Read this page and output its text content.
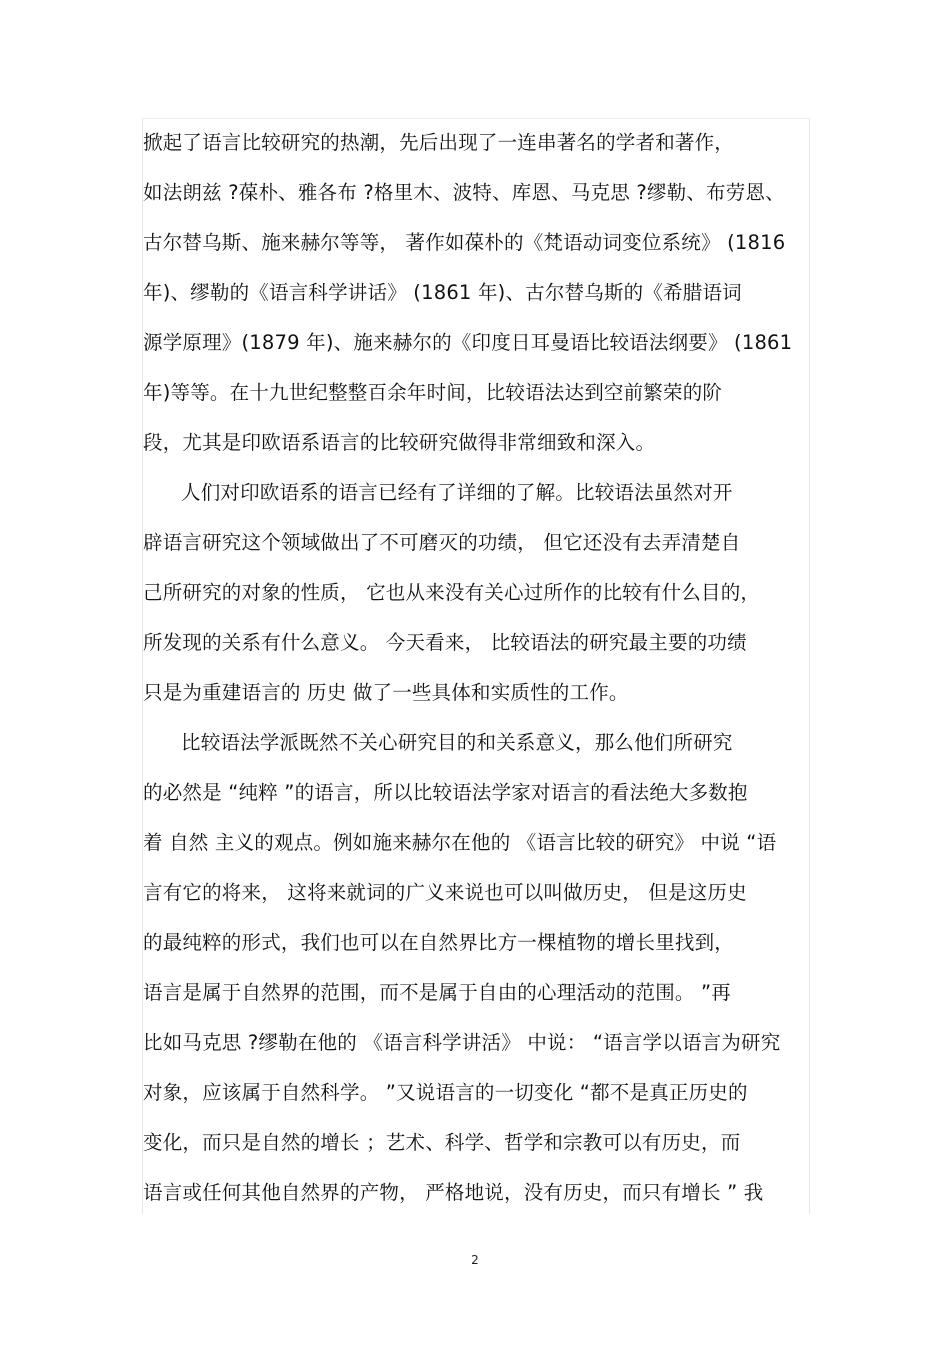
掀起了语言比较研究的热潮，先后出现了一连串著名的学者和著作，
如法朗兹 ?葆朴、雅各布 ?格里木、波特、库恩、马克思 ?缪勒、布劳恩、
古尔替乌斯、施来赫尔等等， 著作如葆朴的《梵语动词变位系统》 (1816
年)、缪勒的《语言科学讲话》 (1861 年)、古尔替乌斯的《希腊语词
源学原理》(1879 年)、施来赫尔的《印度日耳曼语比较语法纲要》 (1861
年)等等。在十九世纪整整百余年时间，比较语法达到空前繁荣的阶
段，尤其是印欧语系语言的比较研究做得非常细致和深入。
人们对印欧语系的语言已经有了详细的了解。比较语法虽然对开
辟语言研究这个领域做出了不可磨灭的功绩， 但它还没有去弄清楚自
己所研究的对象的性质， 它也从来没有关心过所作的比较有什么目的，
所发现的关系有什么意义。 今天看来， 比较语法的研究最主要的功绩
只是为重建语言的 历史 做了一些具体和实质性的工作。
比较语法学派既然不关心研究目的和关系意义，那么他们所研究
的必然是 “纯粹 ”的语言，所以比较语法学家对语言的看法绝大多数抱
着 自然 主义的观点。例如施来赫尔在他的 《语言比较的研究》 中说 “语
言有它的将来， 这将来就词的广义来说也可以叫做历史， 但是这历史
的最纯粹的形式，我们也可以在自然界比方一棵植物的增长里找到，
语言是属于自然界的范围，而不是属于自由的心理活动的范围。 ”再
比如马克思 ?缪勒在他的 《语言科学讲活》 中说： “语言学以语言为研究
对象，应该属于自然科学。 ”又说语言的一切变化 “都不是真正历史的
变化，而只是自然的增长 ；艺术、科学、哲学和宗教可以有历史，而
语言或任何其他自然界的产物， 严格地说，没有历史，而只有增长 ” 我
2
